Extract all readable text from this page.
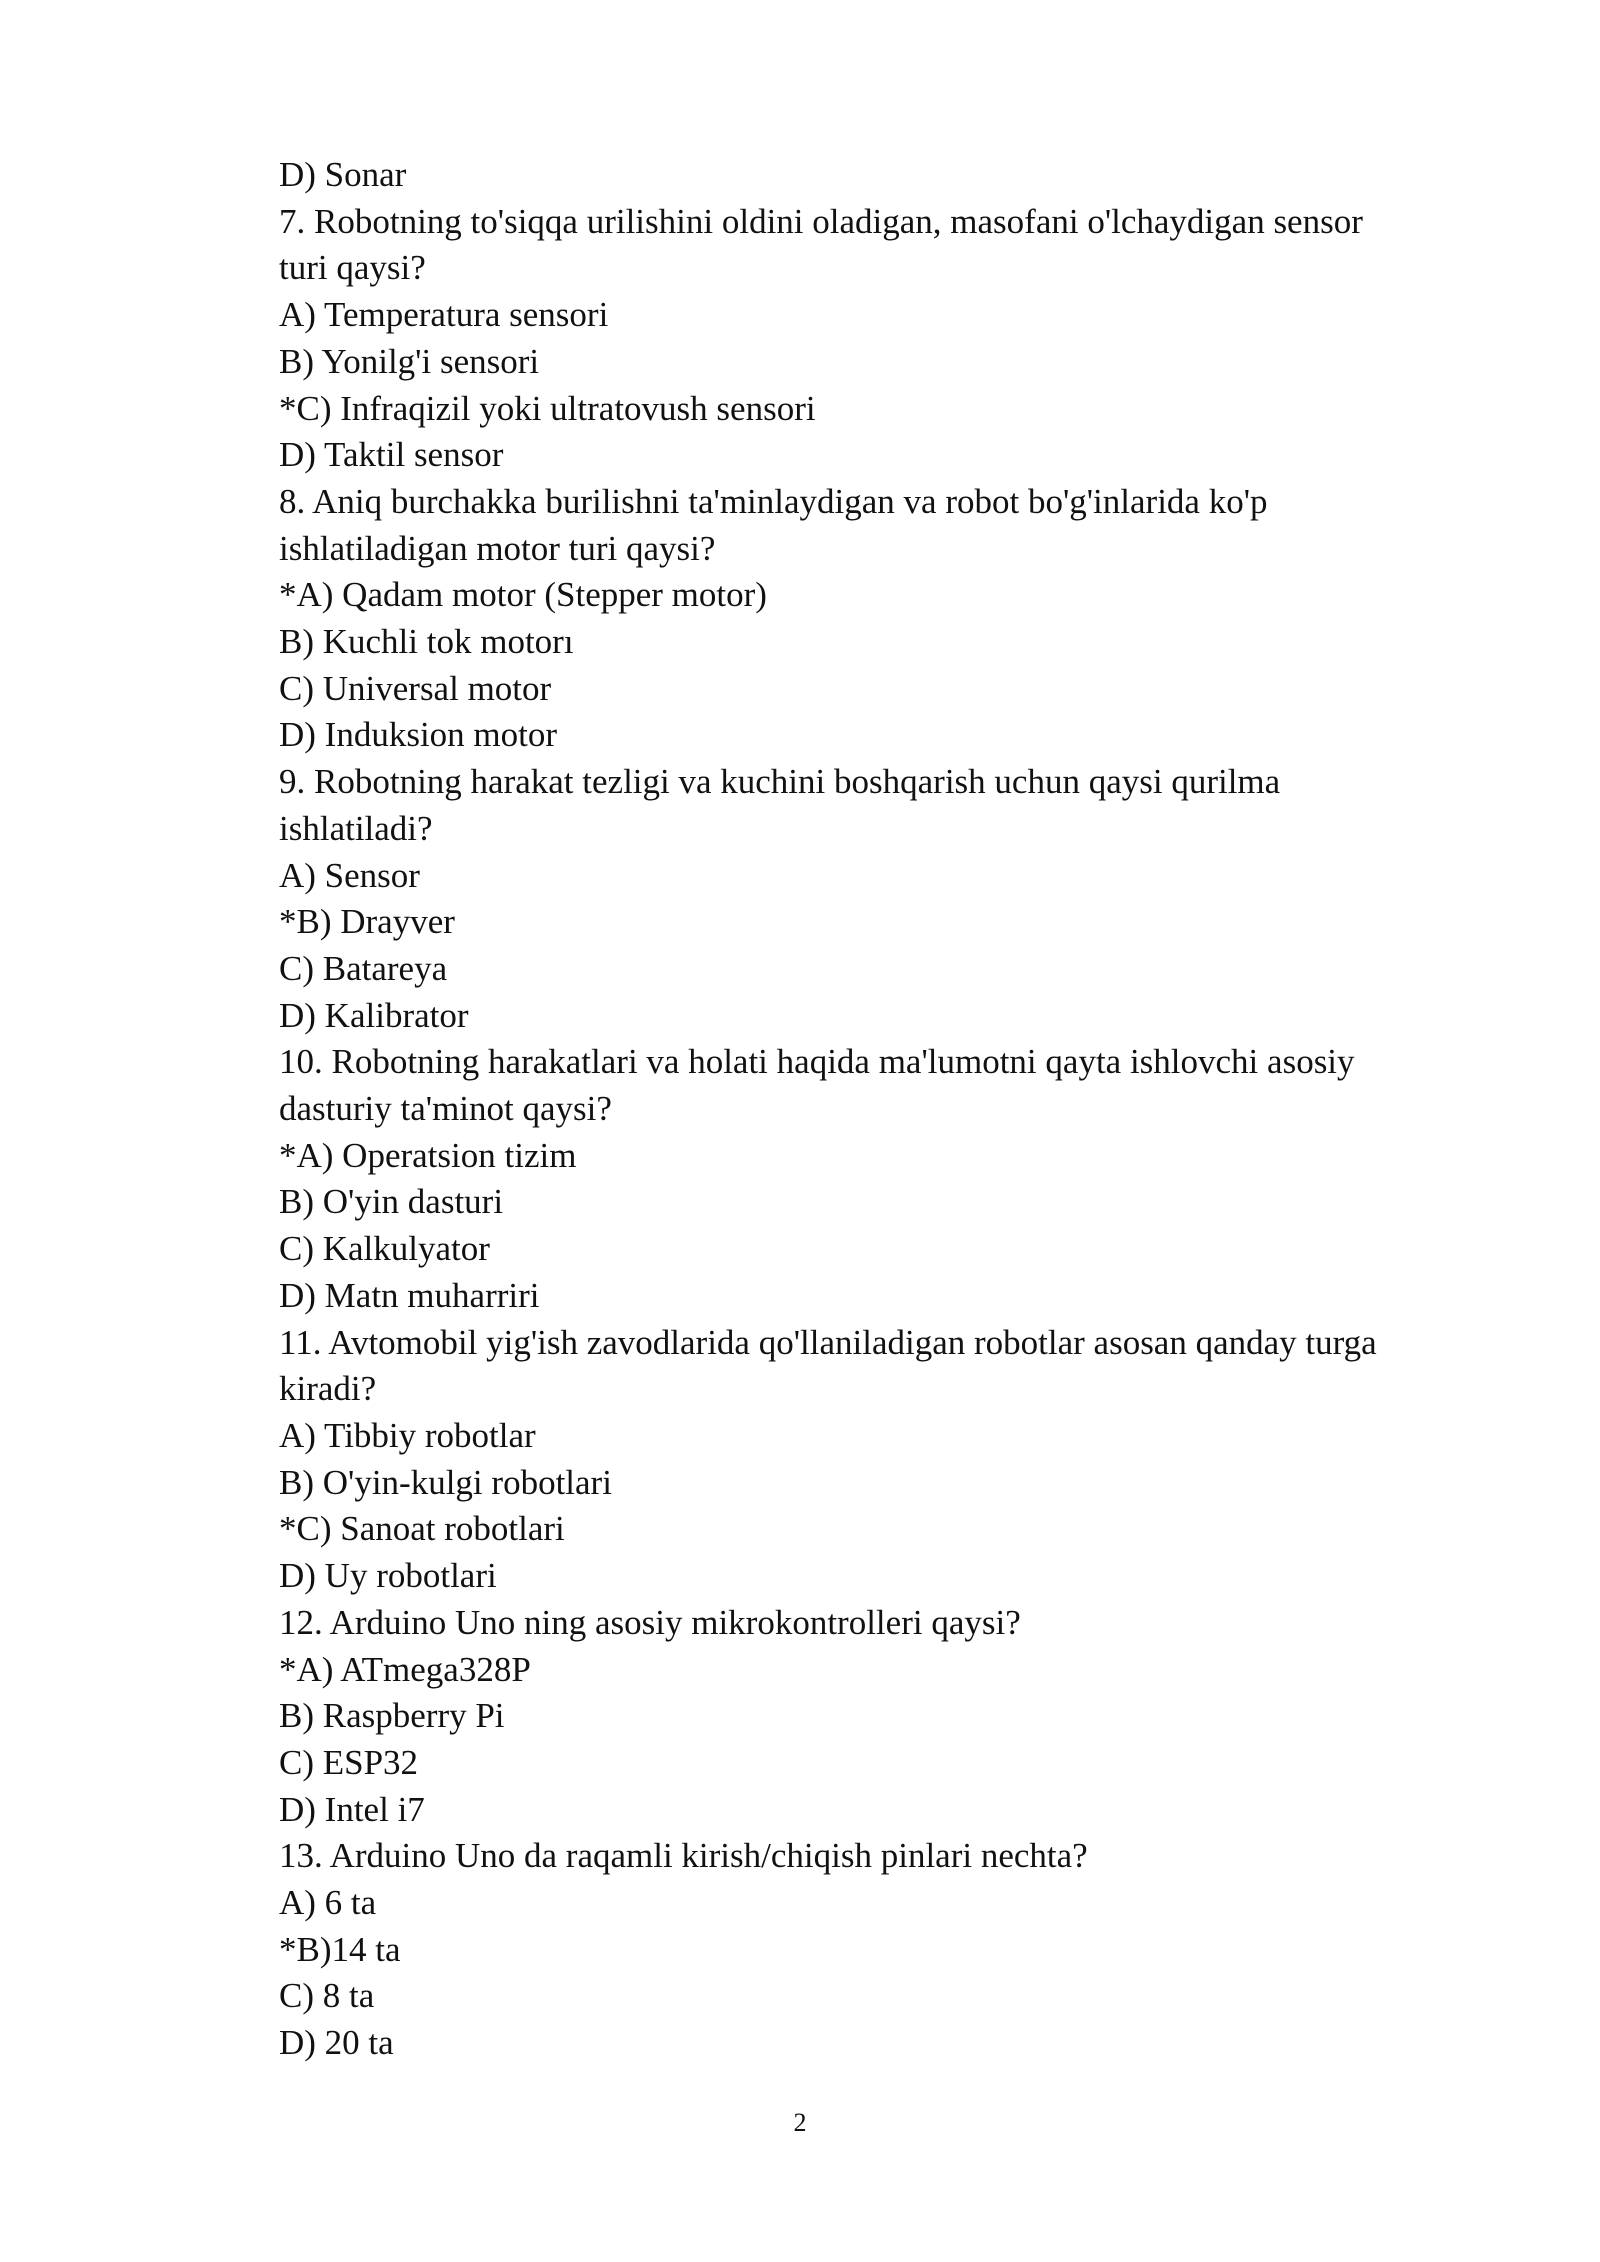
D) Sonar
7. Robotning to'siqqa urilishini oldini oladigan, masofani o'lchaydigan sensor
turi qaysi?
A) Temperatura sensori
B) Yonilg'i sensori
*C) Infraqizil yoki ultratovush sensori
D) Taktil sensor
8. Aniq burchakka burilishni ta'minlaydigan va robot bo'g'inlarida ko'p
ishlatiladigan motor turi qaysi?
*A) Qadam motor (Stepper motor)
B) Kuchli tok motorı
C) Universal motor
D) Induksion motor
9. Robotning harakat tezligi va kuchini boshqarish uchun qaysi qurilma
ishlatiladi?
A) Sensor
*B) Drayver
C) Batareya
D) Kalibrator
10. Robotning harakatlari va holati haqida ma'lumotni qayta ishlovchi asosiy
dasturiy ta'minot qaysi?
*A) Operatsion tizim
B) O'yin dasturi
C) Kalkulyator
D) Matn muharriri
11. Avtomobil yig'ish zavodlarida qo'llaniladigan robotlar asosan qanday turga
kiradi?
A) Tibbiy robotlar
B) O'yin-kulgi robotlari
*C) Sanoat robotlari
D) Uy robotlari
12. Arduino Uno ning asosiy mikrokontrolleri qaysi?
*A) ATmega328P
B) Raspberry Pi
C) ESP32
D) Intel i7
13. Arduino Uno da raqamli kirish/chiqish pinlari nechta?
A) 6 ta
*B)14 ta
C) 8 ta
D) 20 ta
2
